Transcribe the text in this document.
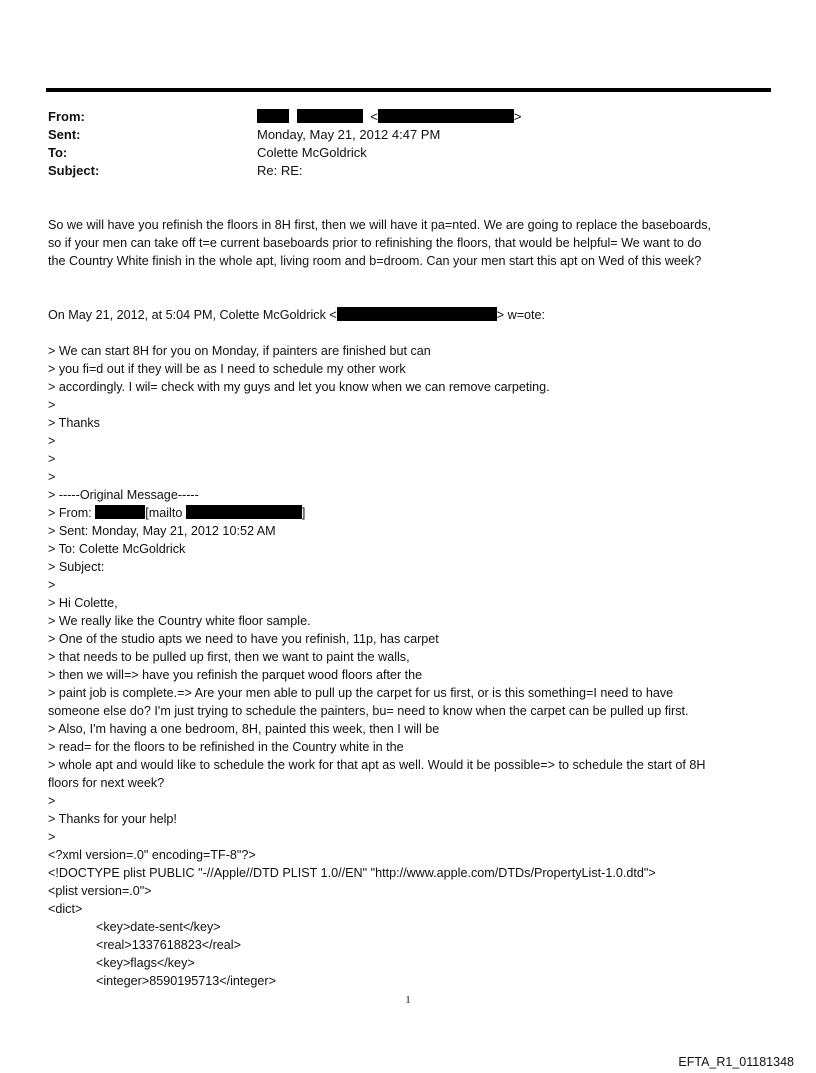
From:	<	>
Sent:	Monday, May 21, 2012 4:47 PM
To:	Colette McGoldrick
Subject:	Re: RE:
So we will have you refinish the floors in 8H first, then we will have it pa=nted. We are going to replace the baseboards,
so if your men can take off t=e current baseboards prior to refinishing the floors, that would be helpful= We want to do
the Country White finish in the whole apt, living room and b=droom. Can your men start this apt on Wed of this week?
On May 21, 2012, at 5:04 PM, Colette McGoldrick <	> w=ote:
> We can start 8H for you on Monday, if painters are finished but can
> you fi=d out if they will be as I need to schedule my other work
> accordingly. I wil= check with my guys and let you know when we can remove carpeting.
>
> Thanks
>
>
>
> -----Original Message-----
> From:	[mailto	]
> Sent: Monday, May 21, 2012 10:52 AM
> To: Colette McGoldrick
> Subject:
>
> Hi Colette,
> We really like the Country white floor sample.
> One of the studio apts we need to have you refinish, 11p, has carpet
> that needs to be pulled up first, then we want to paint the walls,
> then we will=> have you refinish the parquet wood floors after the
> paint job is complete.=> Are your men able to pull up the carpet for us first, or is this something=I need to have
someone else do? I'm just trying to schedule the painters, bu= need to know when the carpet can be pulled up first.
> Also, I'm having a one bedroom, 8H, painted this week, then I will be
> read= for the floors to be refinished in the Country white in the
> whole apt and would like to schedule the work for that apt as well. Would it be possible=> to schedule the start of 8H
floors for next week?
>
> Thanks for your help!
>
<?xml version=.0" encoding=TF-8"?>
<!DOCTYPE plist PUBLIC "-//Apple//DTD PLIST 1.0//EN" "http://www.apple.com/DTDs/PropertyList-1.0.dtd">
<plist version=.0">
<dict>
<key>date-sent</key>
<real>1337618823</real>
<key>flags</key>
<integer>8590195713</integer>
1
EFTA_R1_01181348
